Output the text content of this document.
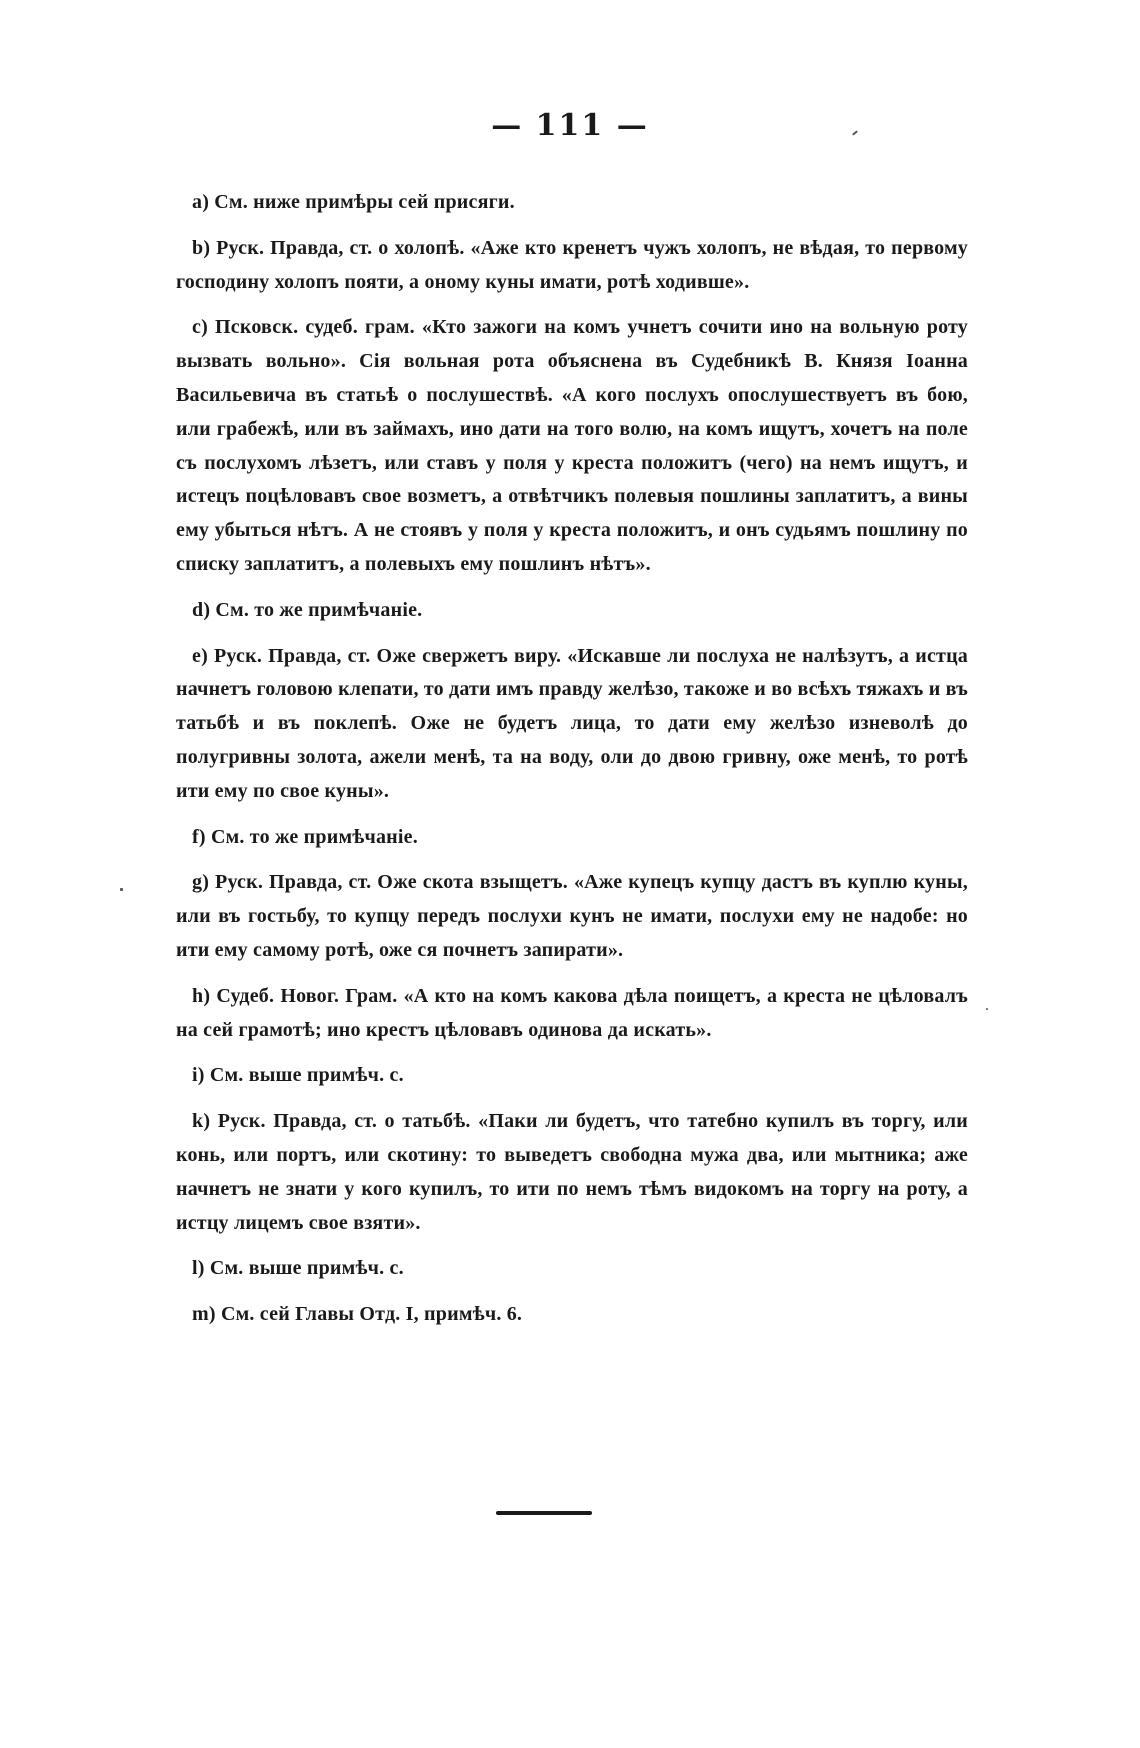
— 111 —

a) См. ниже примѣры сей присяги.

b) Руск. Правда, ст. о холопѣ. «Аже кто кренетъ чужъ холопъ, не вѣдая, то первому господину холопъ пояти, а оному куны имати, ротѣ ходивше».

c) Псковск. судеб. грам. «Кто зажоги на комъ учнетъ сочити ино на вольную роту вызвать вольно». Сія вольная рота объяснена въ Судебникѣ В. Князя Іоанна Васильевича въ статьѣ о послушествѣ. «А кого послухъ опослушествуетъ въ бою, или грабежѣ, или въ займахъ, ино дати на того волю, на комъ ищутъ, хочетъ на поле съ послухомъ лѣзетъ, или ставъ у поля у креста положитъ (чего) на немъ ищутъ, и истецъ поцѣловавъ свое возметъ, а отвѣтчикъ полевыя пошлины заплатитъ, а вины ему убыться нѣтъ. А не стоявъ у поля у креста положитъ, и онъ судьямъ пошлину по списку заплатитъ, а полевыхъ ему пошлинъ нѣтъ».

d) См. то же примѣчаніе.

e) Руск. Правда, ст. Оже свержетъ виру. «Искавше ли послуха не налѣзутъ, а истца начнетъ головою клепати, то дати имъ правду желѣзо, такоже и во всѣхъ тяжахъ и въ татьбѣ и въ поклепѣ. Оже не будетъ лица, то дати ему желѣзо изневолѣ до полугривны золота, ажели менѣ, та на воду, оли до двою гривну, оже менѣ, то ротѣ ити ему по свое куны».

f) См. то же примѣчаніе.

g) Руск. Правда, ст. Оже скота взыщетъ. «Аже купецъ купцу дастъ въ куплю куны, или въ гостьбу, то купцу передъ послухи кунъ не имати, послухи ему не надобе: но ити ему самому ротѣ, оже ся почнетъ запирати».

h) Судеб. Новог. Грам. «А кто на комъ какова дѣла поищетъ, а креста не цѣловалъ на сей грамотѣ; ино крестъ цѣловавъ одинова да искать».

i) См. выше примѣч. c.

k) Руск. Правда, ст. о татьбѣ. «Паки ли будетъ, что татебно купилъ въ торгу, или конь, или портъ, или скотину: то выведетъ свободна мужа два, или мытника; аже начнетъ не знати у кого купилъ, то ити по немъ тѣмъ видокомъ на торгу на роту, а истцу лицемъ свое взяти».

l) См. выше примѣч. c.

m) См. сей Главы Отд. I, примѣч. 6.
